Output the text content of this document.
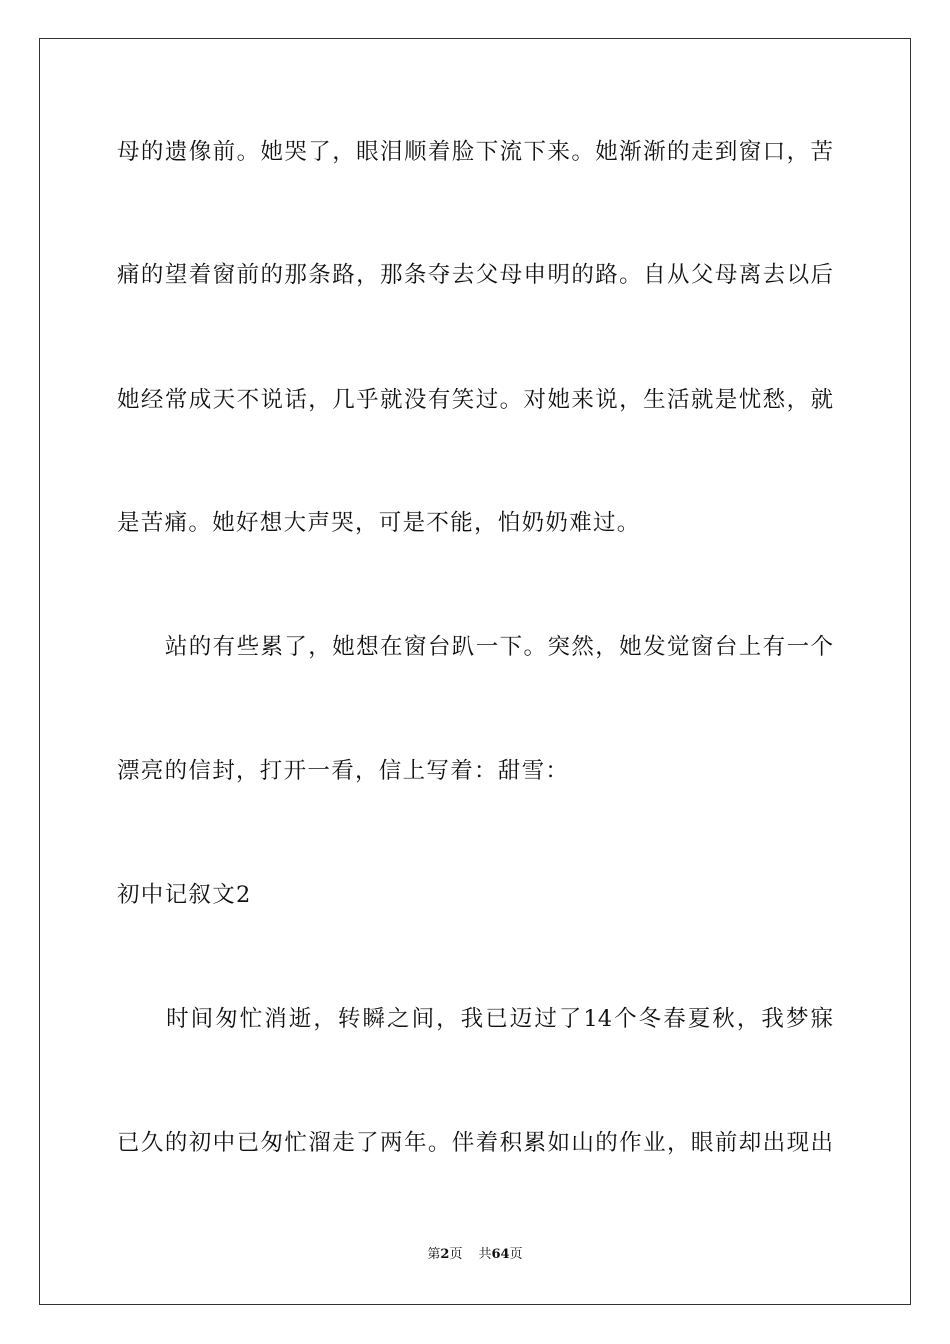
母的遗像前。她哭了，眼泪顺着脸下流下来。她渐渐的走到窗口，苦
痛的望着窗前的那条路，那条夺去父母申明的路。自从父母离去以后
她经常成天不说话，几乎就没有笑过。对她来说，生活就是忧愁，就
是苦痛。她好想大声哭，可是不能，怕奶奶难过。
　　站的有些累了，她想在窗台趴一下。突然，她发觉窗台上有一个
漂亮的信封，打开一看，信上写着：甜雪：
初中记叙文2
　　时间匆忙消逝，转瞬之间，我已迈过了14个冬春夏秋，我梦寐
已久的初中已匆忙溜走了两年。伴着积累如山的作业，眼前却出现出
第2页 共64页
